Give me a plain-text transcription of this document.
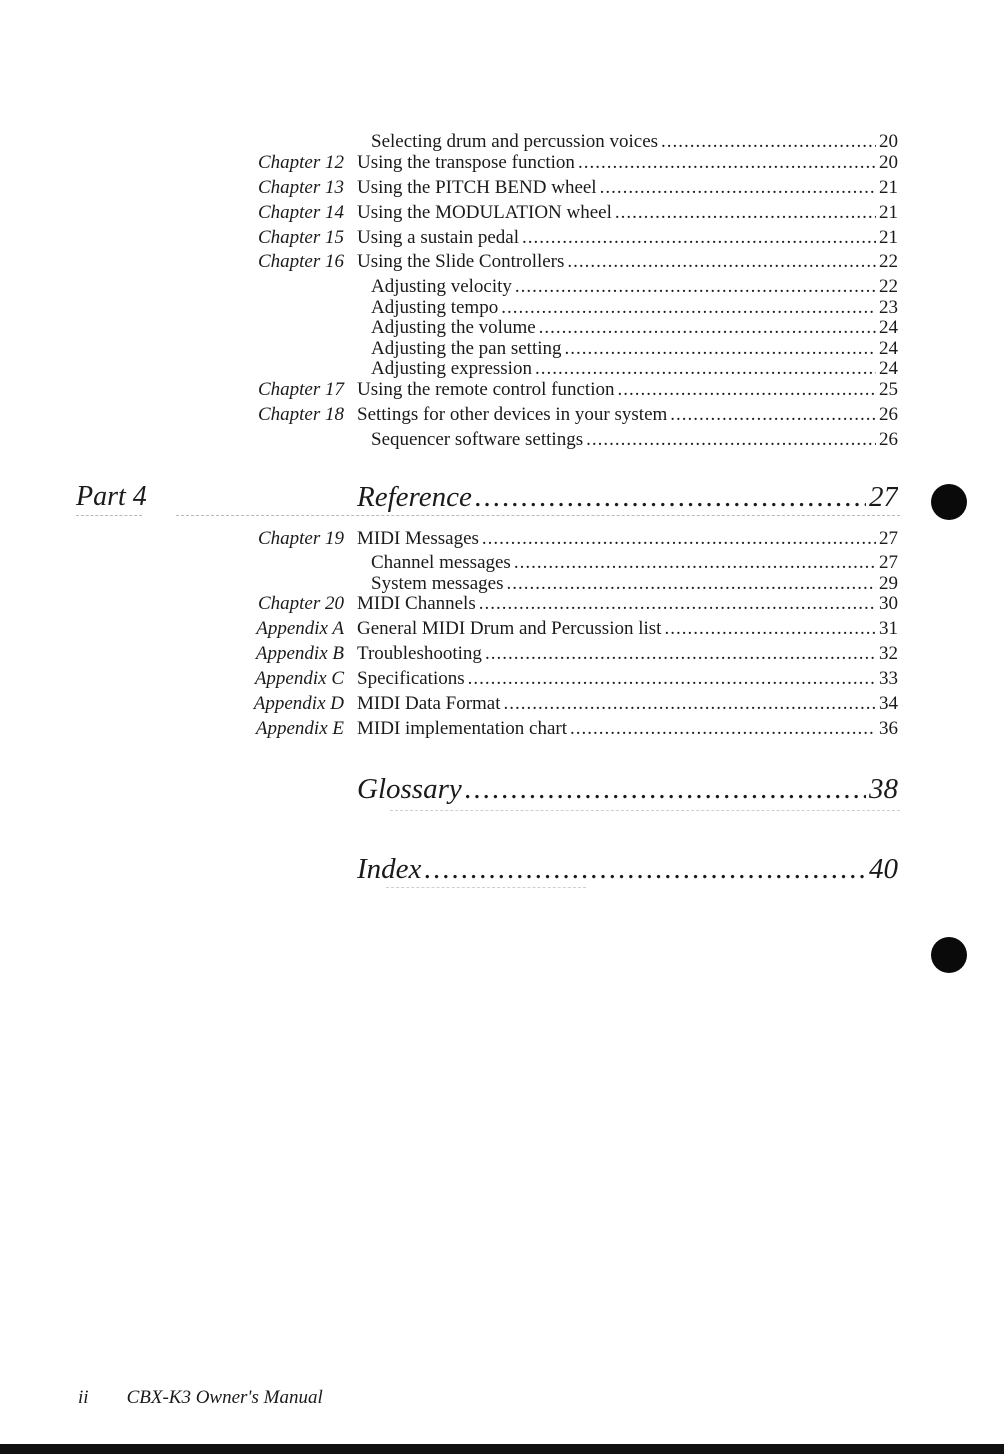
Selecting drum and percussion voices .....	20
Chapter 12 Using the transpose function .....	20
Chapter 13 Using the PITCH BEND wheel .....	21
Chapter 14 Using the MODULATION wheel .....	21
Chapter 15 Using a sustain pedal .....	21
Chapter 16 Using the Slide Controllers .....	22
Adjusting velocity .....	22
Adjusting tempo .....	23
Adjusting the volume .....	24
Adjusting the pan setting .....	24
Adjusting expression .....	24
Chapter 17 Using the remote control function .....	25
Chapter 18 Settings for other devices in your system .....	26
Sequencer software settings .....	26
Part 4	Reference .....	27
Chapter 19 MIDI Messages .....	27
Channel messages .....	27
System messages .....	29
Chapter 20 MIDI Channels .....	30
Appendix A General MIDI Drum and Percussion list .....	31
Appendix B Troubleshooting .....	32
Appendix C Specifications .....	33
Appendix D MIDI Data Format .....	34
Appendix E MIDI implementation chart .....	36
Glossary .....	38
Index .....	40
ii CBX-K3 Owner's Manual
